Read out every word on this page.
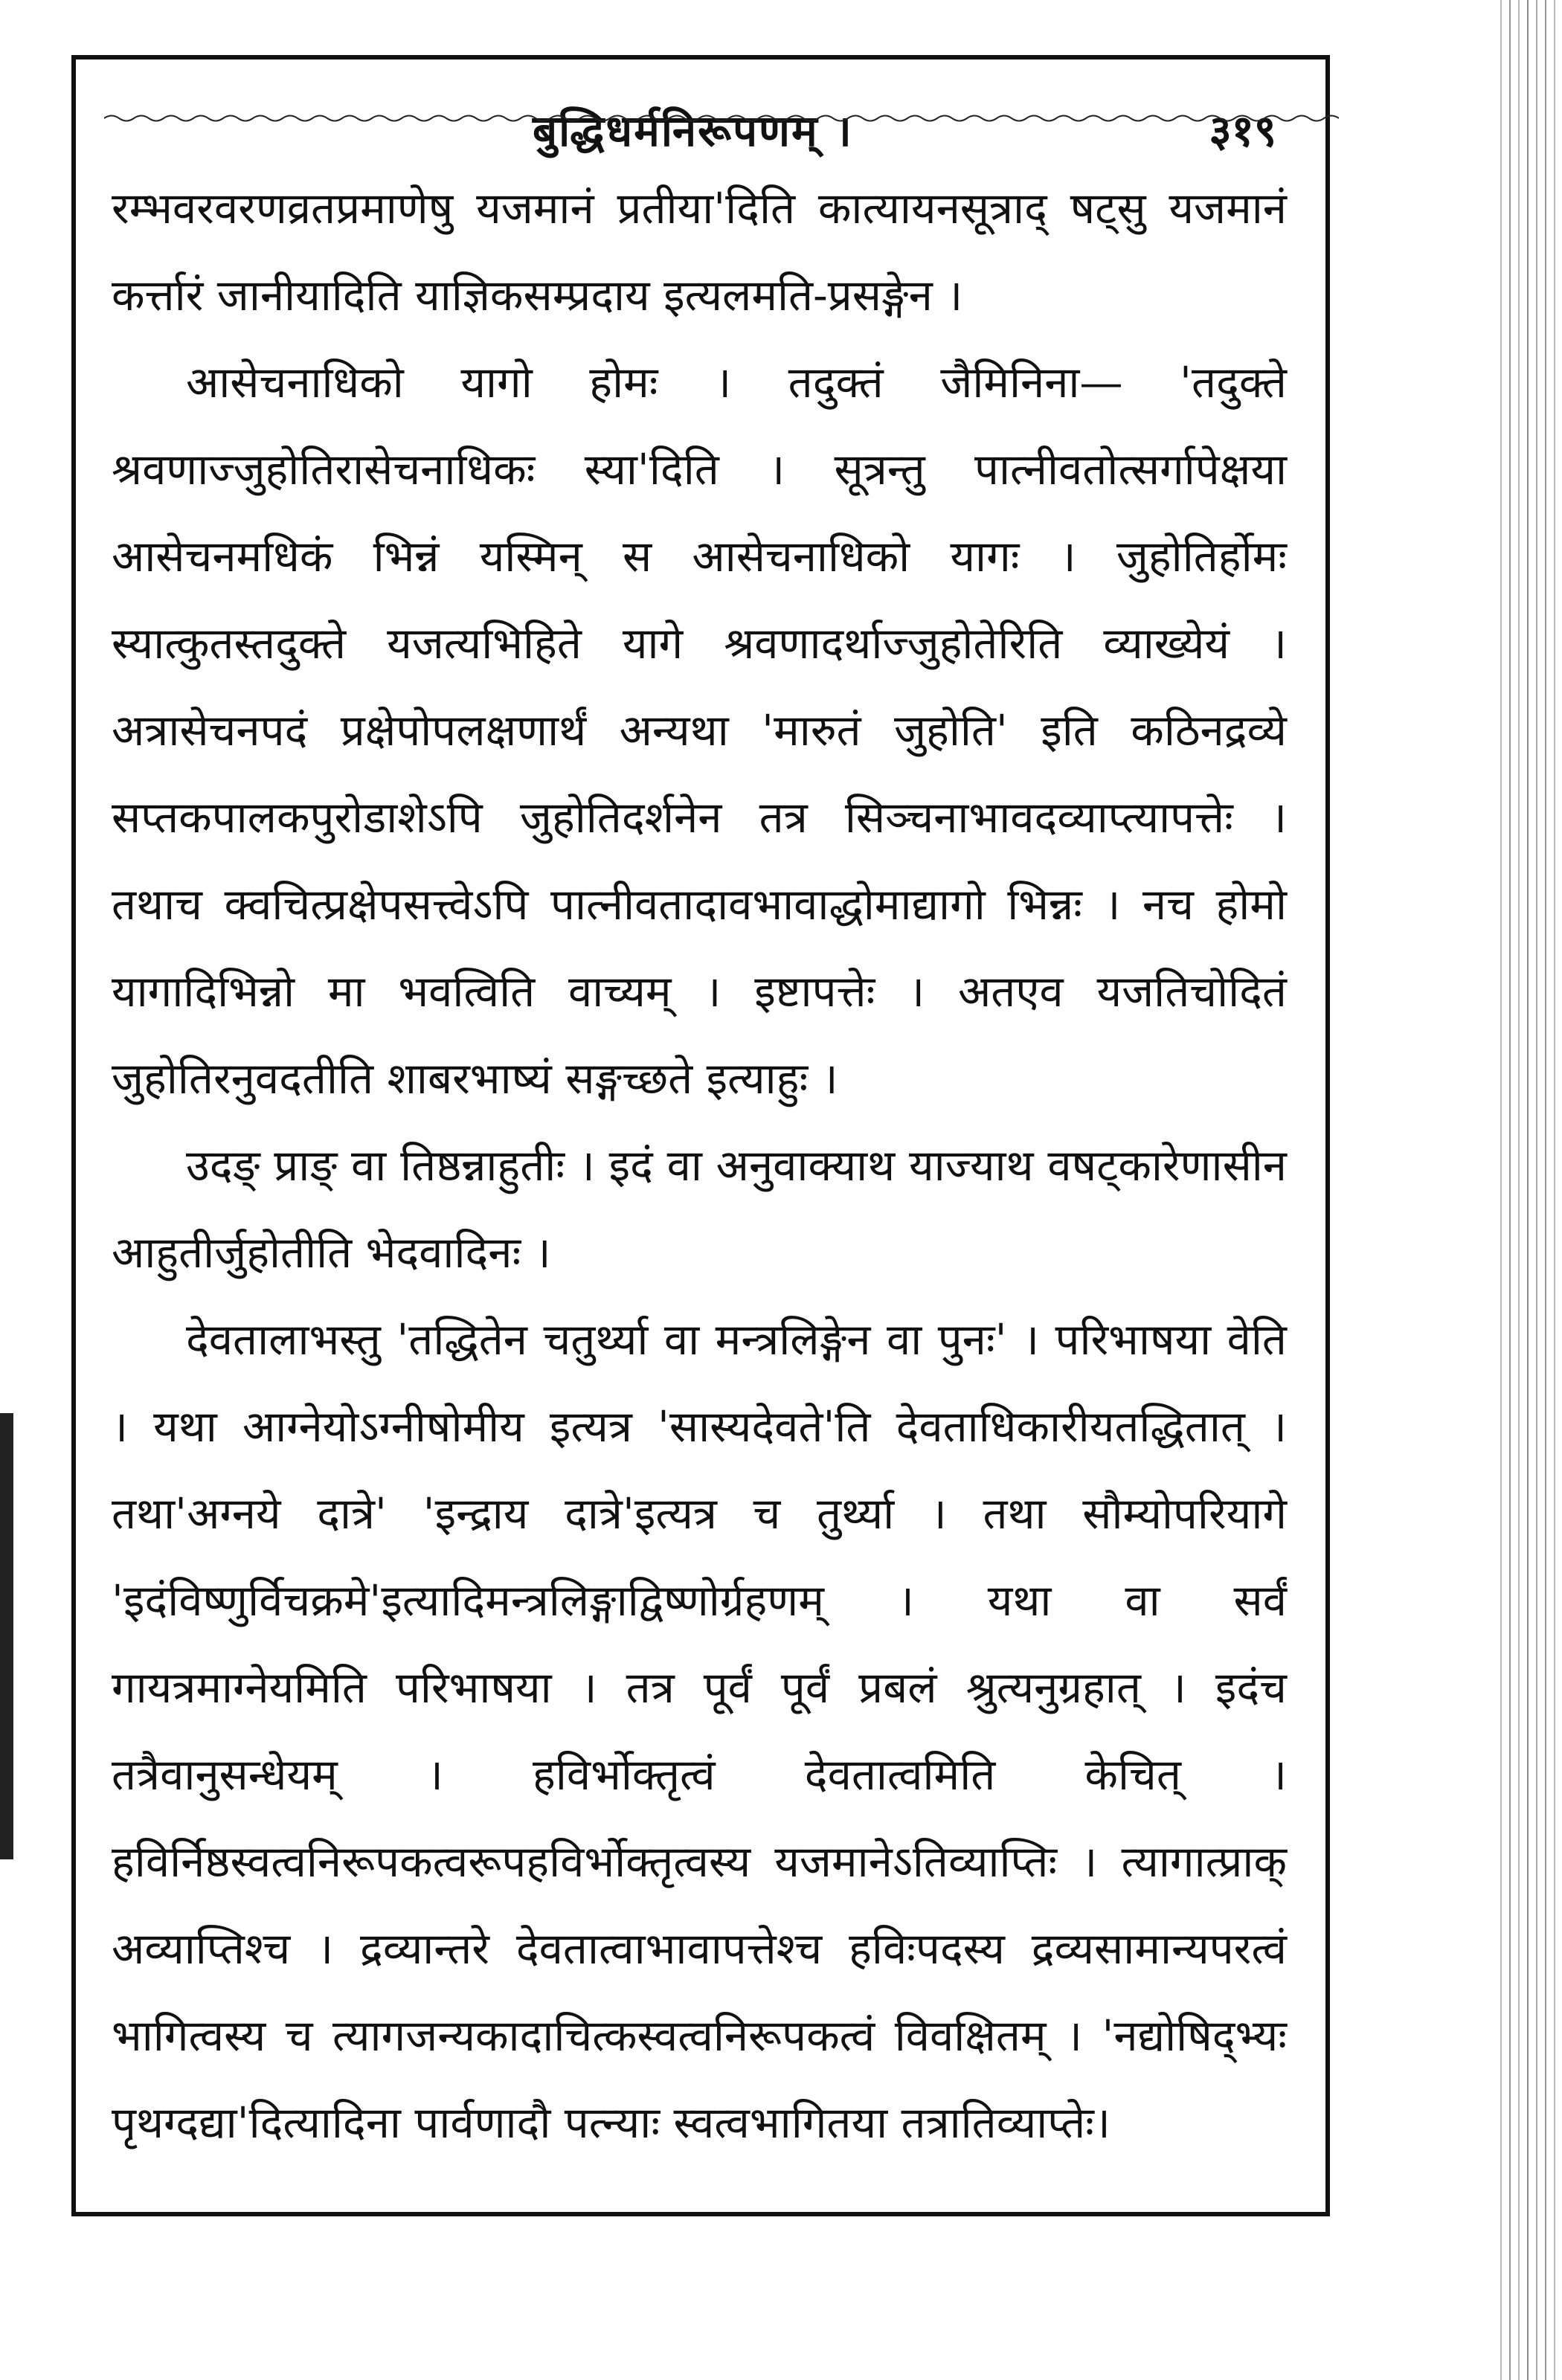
बुद्धिधर्मनिरूपणम् ।	३१९

रम्भवरवरणव्रतप्रमाणेषु यजमानं प्रतीया'दिति कात्यायनसूत्राद् षट्सु यजमानं कर्त्तारं जानीयादिति याज्ञिकसम्प्रदाय इत्यलमति-प्रसङ्गेन ।

आसेचनाधिको यागो होमः । तदुक्तं जैमिनिना— 'तदुक्ते श्रवणाज्जुहोतिरासेचनाधिकः स्या'दिति । सूत्रन्तु पात्नीवतोत्सर्गापेक्षया आसेचनमधिकं भिन्नं यस्मिन् स आसेचनाधिको यागः । जुहोतिर्होमः स्यात्कुतस्तदुक्ते यजत्यभिहिते यागे श्रवणादर्थाज्जुहोतेरिति व्याख्येयं । अत्रासेचनपदं प्रक्षेपोपलक्षणार्थं अन्यथा 'मारुतं जुहोति' इति कठिनद्रव्ये सप्तकपालकपुरोडाशेऽपि जुहोतिदर्शनेन तत्र सिञ्चनाभावदव्याप्त्यापत्तेः । तथाच क्वचित्प्रक्षेपसत्त्वेऽपि पात्नीवतादावभावाद्धोमाद्यागो भिन्नः । नच होमो यागादिभिन्नो मा भवत्विति वाच्यम् । इष्टापत्तेः । अतएव यजतिचोदितं जुहोतिरनुवदतीति शाबरभाष्यं सङ्गच्छते इत्याहुः ।

उदङ् प्राङ् वा तिष्ठन्नाहुतीः । इदं वा अनुवाक्याथ याज्याथ वषट्कारेणासीन आहुतीर्जुहोतीति भेदवादिनः ।

देवतालाभस्तु 'तद्धितेन चतुर्थ्या वा मन्त्रलिङ्गेन वा पुनः' । परिभाषया वेति । यथा आग्नेयोऽग्नीषोमीय इत्यत्र 'सास्यदेवते'ति देवताधिकारीयतद्धितात् । तथा'अग्नये दात्रे' 'इन्द्राय दात्रे'इत्यत्र च तुर्थ्या । तथा सौम्योपरियागे 'इदंविष्णुर्विचक्रमे'इत्यादिमन्त्रलिङ्गाद्विष्णोर्ग्रहणम् । यथा वा सर्वं गायत्रमाग्नेयमिति परिभाषया । तत्र पूर्वं पूर्वं प्रबलं श्रुत्यनुग्रहात् । इदंच तत्रैवानुसन्धेयम् । हविर्भोक्तृत्वं देवतात्वमिति केचित् । हविर्निष्ठस्वत्वनिरूपकत्वरूपहविर्भोक्तृत्वस्य यजमानेऽतिव्याप्तिः । त्यागात्प्राक् अव्याप्तिश्च । द्रव्यान्तरे देवतात्वाभावापत्तेश्च हविःपदस्य द्रव्यसामान्यपरत्वं भागित्वस्य च त्यागजन्यकादाचित्कस्वत्वनिरूपकत्वं विवक्षितम् । 'नद्योषिद्भ्यः पृथग्दद्या'दित्यादिना पार्वणादौ पत्न्याः स्वत्वभागितया तत्रातिव्याप्तेः।
